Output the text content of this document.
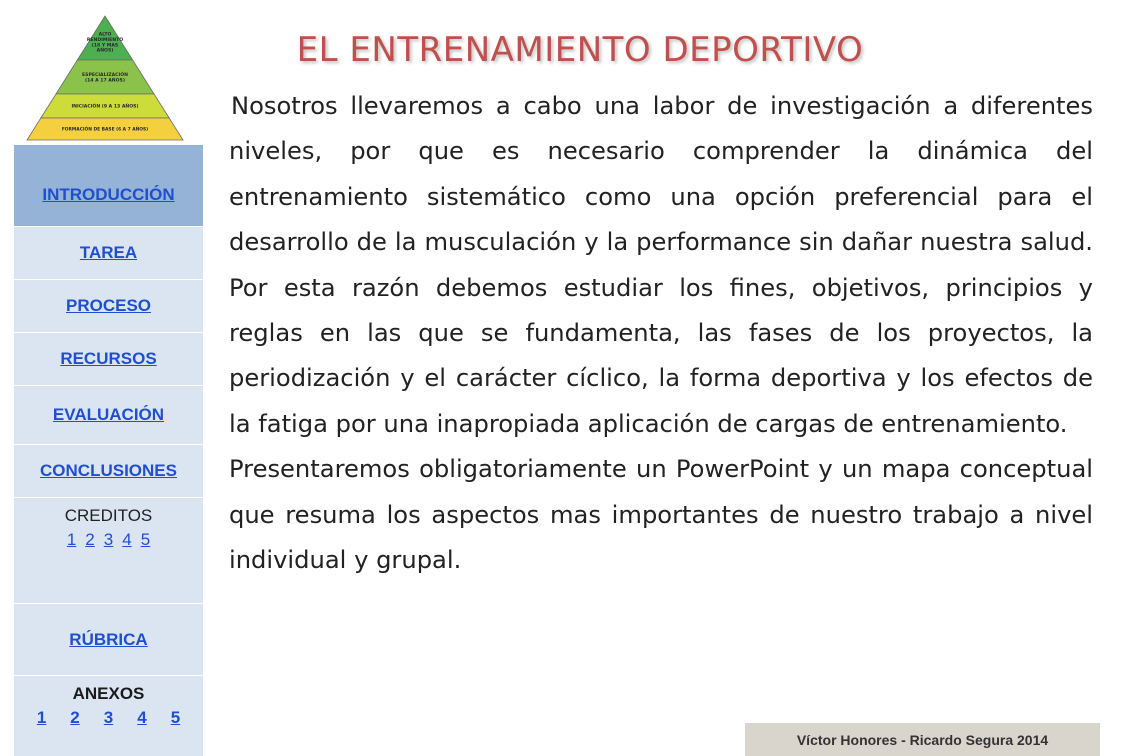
ALTO RENDIMIENTO (18 Y MAS AÑOS)
ESPECIALIZACIÓN (14 A 17 AÑOS)
INICIACIÓN (9 A 13 AÑOS)
FORMACIÓN DE BASE (6 A 7 AÑOS)
EL ENTRENAMIENTO DEPORTIVO
INTRODUCCIÓN
TAREA
PROCESO
RECURSOS
EVALUACIÓN
CONCLUSIONES
CREDITOS
1 2 3 4 5
RÚBRICA
ANEXOS
1 2 3 4 5

Nosotros llevaremos a cabo una labor de investigación a diferentes niveles, por que es necesario comprender la dinámica del entrenamiento sistemático como una opción preferencial para el desarrollo de la musculación y la performance sin dañar nuestra salud. Por esta razón debemos estudiar los fines, objetivos, principios y reglas en las que se fundamenta, las fases de los proyectos, la periodización y el carácter cíclico, la forma deportiva y los efectos de la fatiga por una inapropiada aplicación de cargas de entrenamiento.

Presentaremos obligatoriamente un PowerPoint y un mapa conceptual que resuma los aspectos mas importantes de nuestro trabajo a nivel individual y grupal.

Víctor Honores - Ricardo Segura 2014
